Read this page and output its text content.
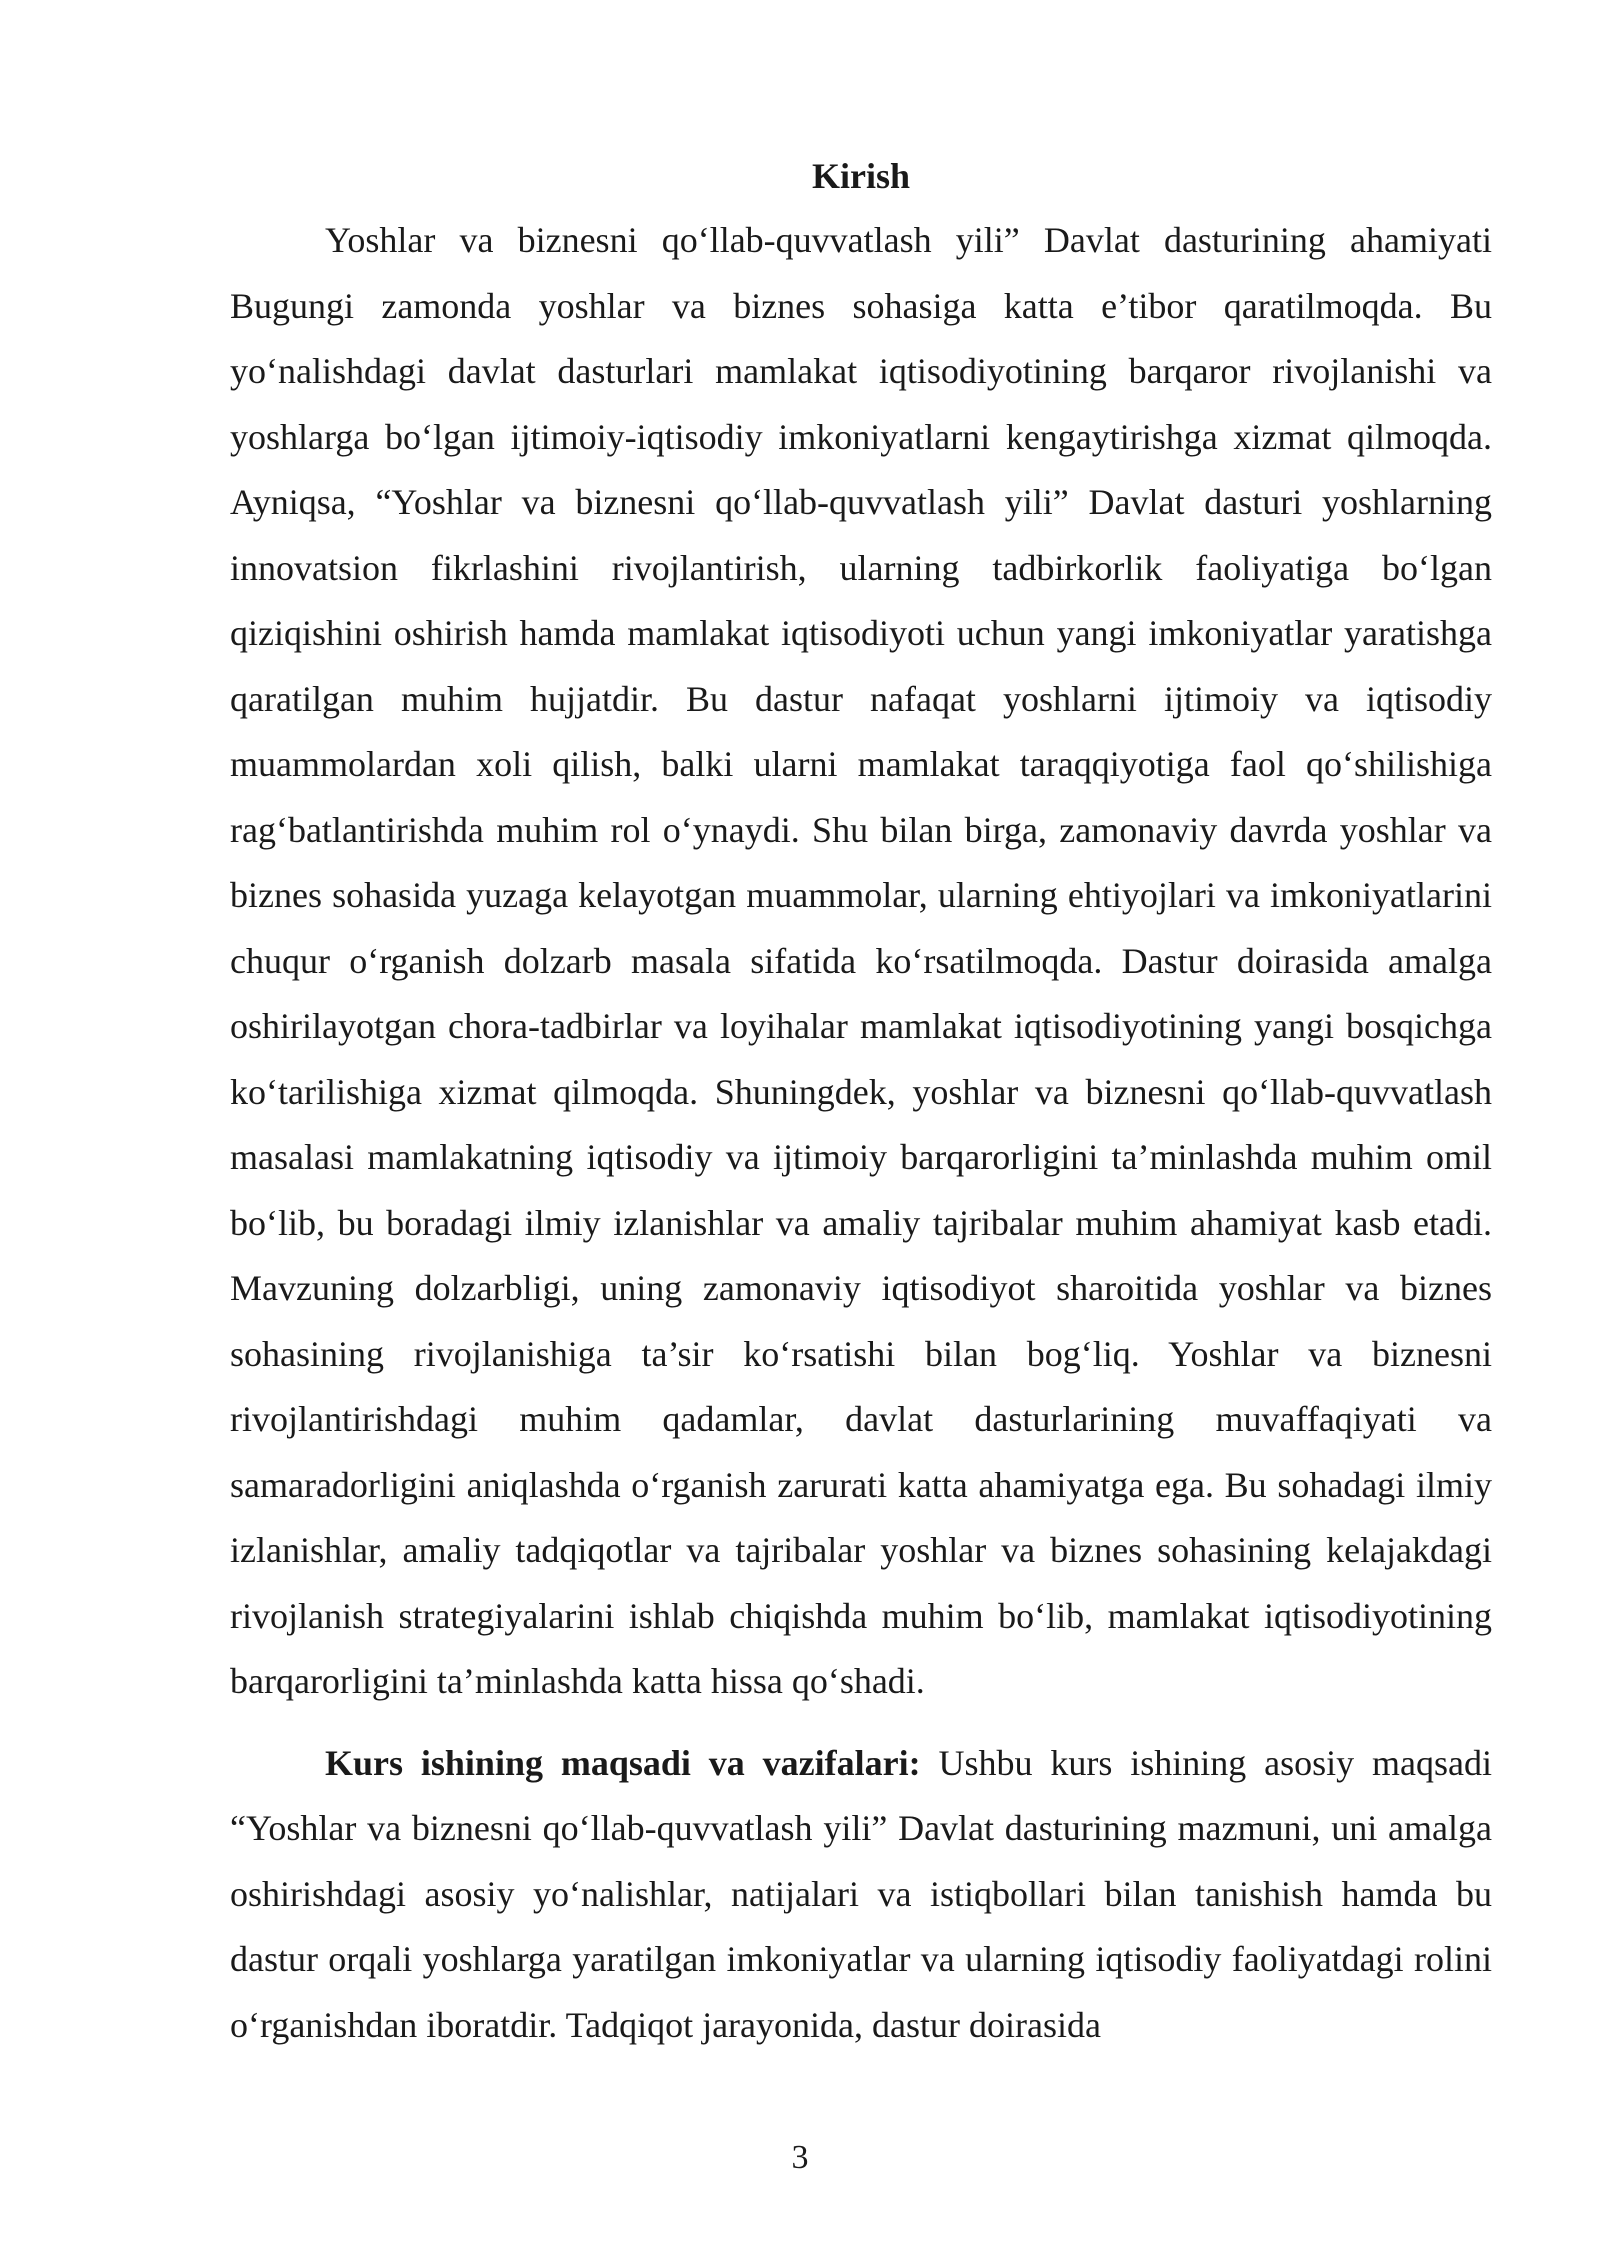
Kirish

Yoshlar va biznesni qo‘llab-quvvatlash yili” Davlat dasturining ahamiyati Bugungi zamonda yoshlar va biznes sohasiga katta e’tibor qaratilmoqda. Bu yo‘nalishdagi davlat dasturlari mamlakat iqtisodiyotining barqaror rivojlanishi va yoshlarga bo‘lgan ijtimoiy-iqtisodiy imkoniyatlarni kengaytirishga xizmat qilmoqda. Ayniqsa, “Yoshlar va biznesni qo‘llab-quvvatlash yili” Davlat dasturi yoshlarning innovatsion fikrlashini rivojlantirish, ularning tadbirkorlik faoliyatiga bo‘lgan qiziqishini oshirish hamda mamlakat iqtisodiyoti uchun yangi imkoniyatlar yaratishga qaratilgan muhim hujjatdir. Bu dastur nafaqat yoshlarni ijtimoiy va iqtisodiy muammolardan xoli qilish, balki ularni mamlakat taraqqiyotiga faol qo‘shilishiga rag‘batlantirishda muhim rol o‘ynaydi. Shu bilan birga, zamonaviy davrda yoshlar va biznes sohasida yuzaga kelayotgan muammolar, ularning ehtiyojlari va imkoniyatlarini chuqur o‘rganish dolzarb masala sifatida ko‘rsatilmoqda. Dastur doirasida amalga oshirilayotgan chora-tadbirlar va loyihalar mamlakat iqtisodiyotining yangi bosqichga ko‘tarilishiga xizmat qilmoqda. Shuningdek, yoshlar va biznesni qo‘llab-quvvatlash masalasi mamlakatning iqtisodiy va ijtimoiy barqarorligini ta’minlashda muhim omil bo‘lib, bu boradagi ilmiy izlanishlar va amaliy tajribalar muhim ahamiyat kasb etadi. Mavzuning dolzarbligi, uning zamonaviy iqtisodiyot sharoitida yoshlar va biznes sohasining rivojlanishiga ta’sir ko‘rsatishi bilan bog‘liq. Yoshlar va biznesni rivojlantirishdagi muhim qadamlar, davlat dasturlarining muvaffaqiyati va samaradorligini aniqlashda o‘rganish zarurati katta ahamiyatga ega. Bu sohadagi ilmiy izlanishlar, amaliy tadqiqotlar va tajribalar yoshlar va biznes sohasining kelajakdagi rivojlanish strategiyalarini ishlab chiqishda muhim bo‘lib, mamlakat iqtisodiyotining barqarorligini ta’minlashda katta hissa qo‘shadi.

Kurs ishining maqsadi va vazifalari: Ushbu kurs ishining asosiy maqsadi “Yoshlar va biznesni qo‘llab-quvvatlash yili” Davlat dasturining mazmuni, uni amalga oshirishdagi asosiy yo‘nalishlar, natijalari va istiqbollari bilan tanishish hamda bu dastur orqali yoshlarga yaratilgan imkoniyatlar va ularning iqtisodiy faoliyatdagi rolini o‘rganishdan iboratdir. Tadqiqot jarayonida, dastur doirasida

3
